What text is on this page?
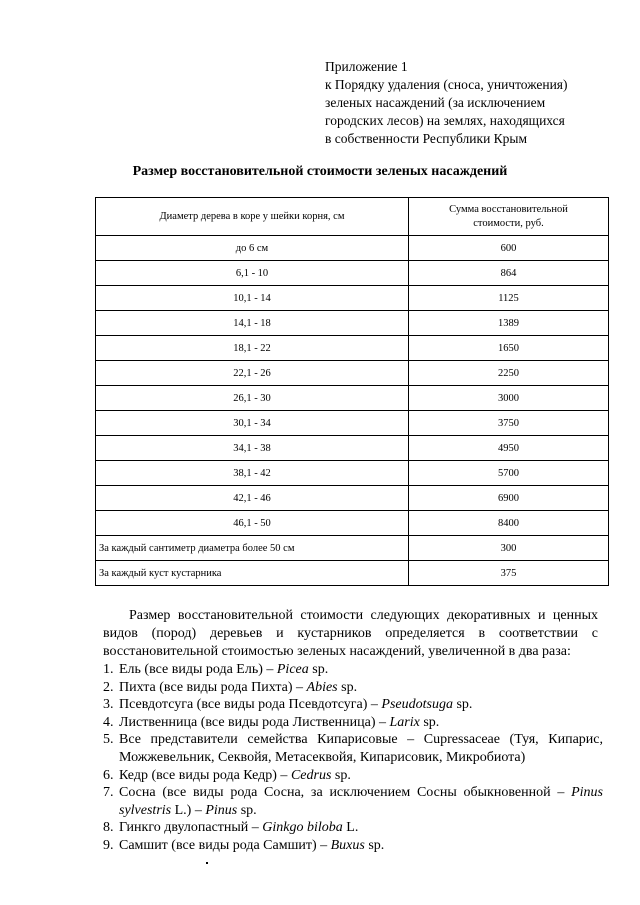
Приложение 1
к Порядку удаления (сноса, уничтожения)
зеленых насаждений (за исключением
городских лесов) на землях, находящихся
в собственности Республики Крым
Размер восстановительной стоимости зеленых насаждений
Диаметр дерева в коре у шейки корня, см	Сумма восстановительной
стоимости, руб.
до 6 см	600
6,1 - 10	864
10,1 - 14	1125
14,1 - 18	1389
18,1 - 22	1650
22,1 - 26	2250
26,1 - 30	3000
30,1 - 34	3750
34,1 - 38	4950
38,1 - 42	5700
42,1 - 46	6900
46,1 - 50	8400
За каждый сантиметр диаметра более 50 см	300
За каждый куст кустарника	375
Размер восстановительной стоимости следующих декоративных и ценных видов (пород) деревьев и кустарников определяется в соответствии с восстановительной стоимостью зеленых насаждений, увеличенной в два раза:
1. Ель (все виды рода Ель) – Picea sp.
2. Пихта (все виды рода Пихта) – Abies sp.
3. Псевдотсуга (все виды рода Псевдотсуга) – Pseudotsuga sp.
4. Лиственница (все виды рода Лиственница) – Larix sp.
5. Все представители семейства Кипарисовые – Cupressaceae (Туя, Кипарис, Можжевельник, Секвойя, Метасеквойя, Кипарисовик, Микробиота)
6. Кедр (все виды рода Кедр) – Cedrus sp.
7. Сосна (все виды рода Сосна, за исключением Сосны обыкновенной – Pinus sylvestris L.) – Pinus sp.
8. Гинкго двулопастный – Ginkgo biloba L.
9. Самшит (все виды рода Самшит) – Buxus sp.
